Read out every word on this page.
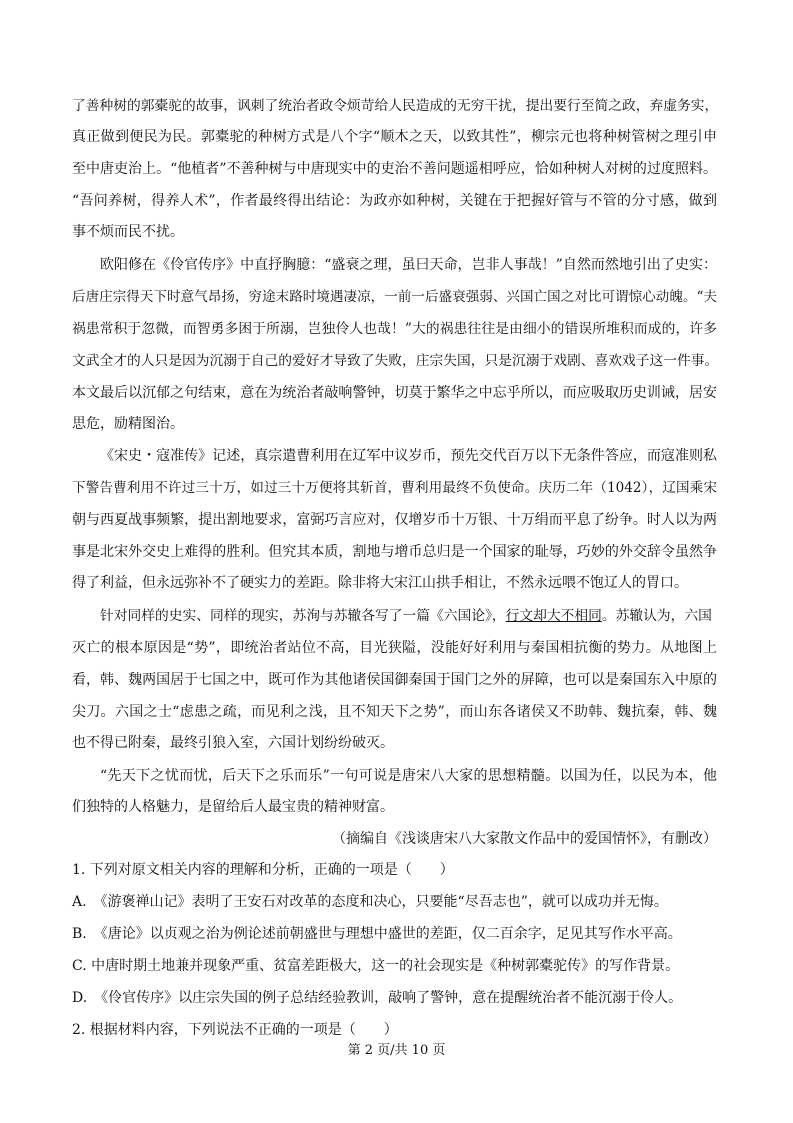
了善种树的郭橐驼的故事，讽刺了统治者政令烦苛给人民造成的无穷干扰，提出要行至简之政，弃虚务实，
真正做到便民为民。郭橐驼的种树方式是八个字“顺木之天，以致其性”，柳宗元也将种树管树之理引申
至中唐吏治上。“他植者”不善种树与中唐现实中的吏治不善问题遥相呼应，恰如种树人对树的过度照料。
“吾问养树，得养人术”，作者最终得出结论：为政亦如种树，关键在于把握好管与不管的分寸感，做到
事不烦而民不扰。
欧阳修在《伶官传序》中直抒胸臆：“盛衰之理，虽曰天命，岂非人事哉！”自然而然地引出了史实：
后唐庄宗得天下时意气昂扬，穷途末路时境遇凄凉，一前一后盛衰强弱、兴国亡国之对比可谓惊心动魄。“夫
祸患常积于忽微，而智勇多困于所溺，岂独伶人也哉！”大的祸患往往是由细小的错误所堆积而成的，许多
文武全才的人只是因为沉溺于自己的爱好才导致了失败，庄宗失国，只是沉溺于戏剧、喜欢戏子这一件事。
本文最后以沉郁之句结束，意在为统治者敲响警钟，切莫于繁华之中忘乎所以，而应吸取历史训诫，居安
思危，励精图治。
《宋史・寇准传》记述，真宗遣曹利用在辽军中议岁币，预先交代百万以下无条件答应，而寇准则私
下警告曹利用不许过三十万，如过三十万便将其斩首，曹利用最终不负使命。庆历二年（1042），辽国乘宋
朝与西夏战事频繁，提出割地要求，富弼巧言应对，仅增岁币十万银、十万绢而平息了纷争。时人以为两
事是北宋外交史上难得的胜利。但究其本质，割地与增币总归是一个国家的耻辱，巧妙的外交辞令虽然争
得了利益，但永远弥补不了硬实力的差距。除非将大宋江山拱手相让，不然永远喂不饱辽人的胃口。
针对同样的史实、同样的现实，苏洵与苏辙各写了一篇《六国论》，行文却大不相同。苏辙认为，六国
灭亡的根本原因是“势”，即统治者站位不高，目光狭隘，没能好好利用与秦国相抗衡的势力。从地图上
看，韩、魏两国居于七国之中，既可作为其他诸侯国御秦国于国门之外的屏障，也可以是秦国东入中原的
尖刀。六国之士“虑患之疏，而见利之浅，且不知天下之势”，而山东各诸侯又不助韩、魏抗秦，韩、魏
也不得已附秦，最终引狼入室，六国计划纷纷破灭。
“先天下之忧而忧，后天下之乐而乐”一句可说是唐宋八大家的思想精髓。以国为任，以民为本，他
们独特的人格魅力，是留给后人最宝贵的精神财富。
（摘编自《浅谈唐宋八大家散文作品中的爱国情怀》，有删改）
1. 下列对原文相关内容的理解和分析，正确的一项是（　　）
A.　《游褒禅山记》表明了王安石对改革的态度和决心，只要能“尽吾志也”，就可以成功并无悔。
B.　《唐论》以贞观之治为例论述前朝盛世与理想中盛世的差距，仅二百余字，足见其写作水平高。
C. 中唐时期土地兼并现象严重、贫富差距极大，这一的社会现实是《种树郭橐驼传》的写作背景。
D.　《伶官传序》以庄宗失国的例子总结经验教训，敲响了警钟，意在提醒统治者不能沉溺于伶人。
2. 根据材料内容，下列说法不正确的一项是（　　）
第 2 页/共 10 页
